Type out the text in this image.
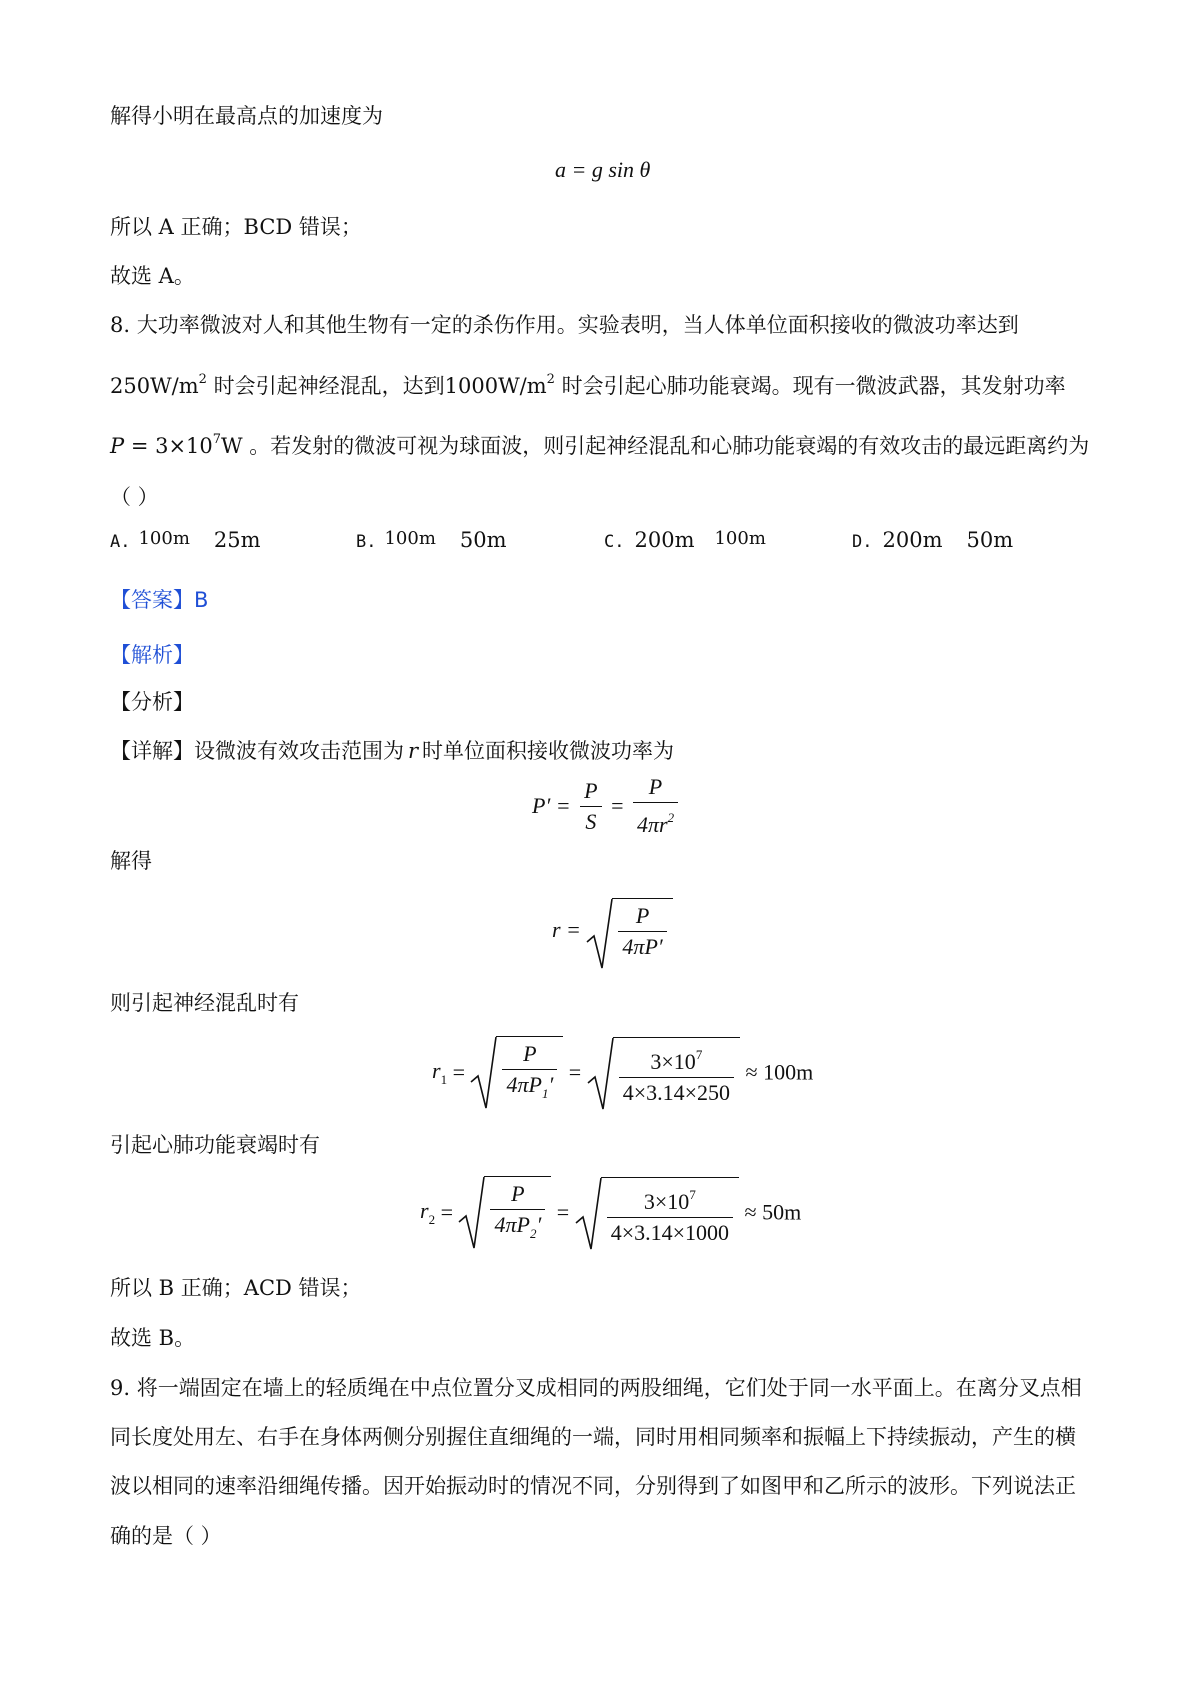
解得小明在最高点的加速度为
a = g sin θ
所以 A 正确；BCD 错误；
故选 A。
8. 大功率微波对人和其他生物有一定的杀伤作用。实验表明，当人体单位面积接收的微波功率达到
$250W/m^2$ 时会引起神经混乱，达到$1000W/m^2$ 时会引起心肺功能衰竭。现有一微波武器，其发射功率
$P = 3\times 10^7W$ 。若发射的微波可视为球面波，则引起神经混乱和心肺功能衰竭的有效攻击的最远距离约为
（ ）
A. 100m 25m	B. 100m 50m	C. 200m 100m	D. 200m 50m
【答案】B
【解析】
【分析】
【详解】设微波有效攻击范围为 r 时单位面积接收微波功率为
$P' = \frac{P}{S} = \frac{P}{4\pi r^2}$
解得
$r = \frac{P}{4\pi P'}$
则引起神经混乱时有
$r_1 = \frac{P}{4\pi P_1'} = \frac{3\times 10^7}{4\times 3.14\times 250} \approx 100m$
引起心肺功能衰竭时有
$r_2 = \frac{P}{4\pi P_2'} = \frac{3\times 10^7}{4\times 3.14\times 1000} \approx 50m$
所以 B 正确；ACD 错误；
故选 B。
9. 将一端固定在墙上的轻质绳在中点位置分叉成相同的两股细绳，它们处于同一水平面上。在离分叉点相
同长度处用左、右手在身体两侧分别握住直细绳的一端，同时用相同频率和振幅上下持续振动，产生的横
波以相同的速率沿细绳传播。因开始振动时的情况不同，分别得到了如图甲和乙所示的波形。下列说法正
确的是（ ）
